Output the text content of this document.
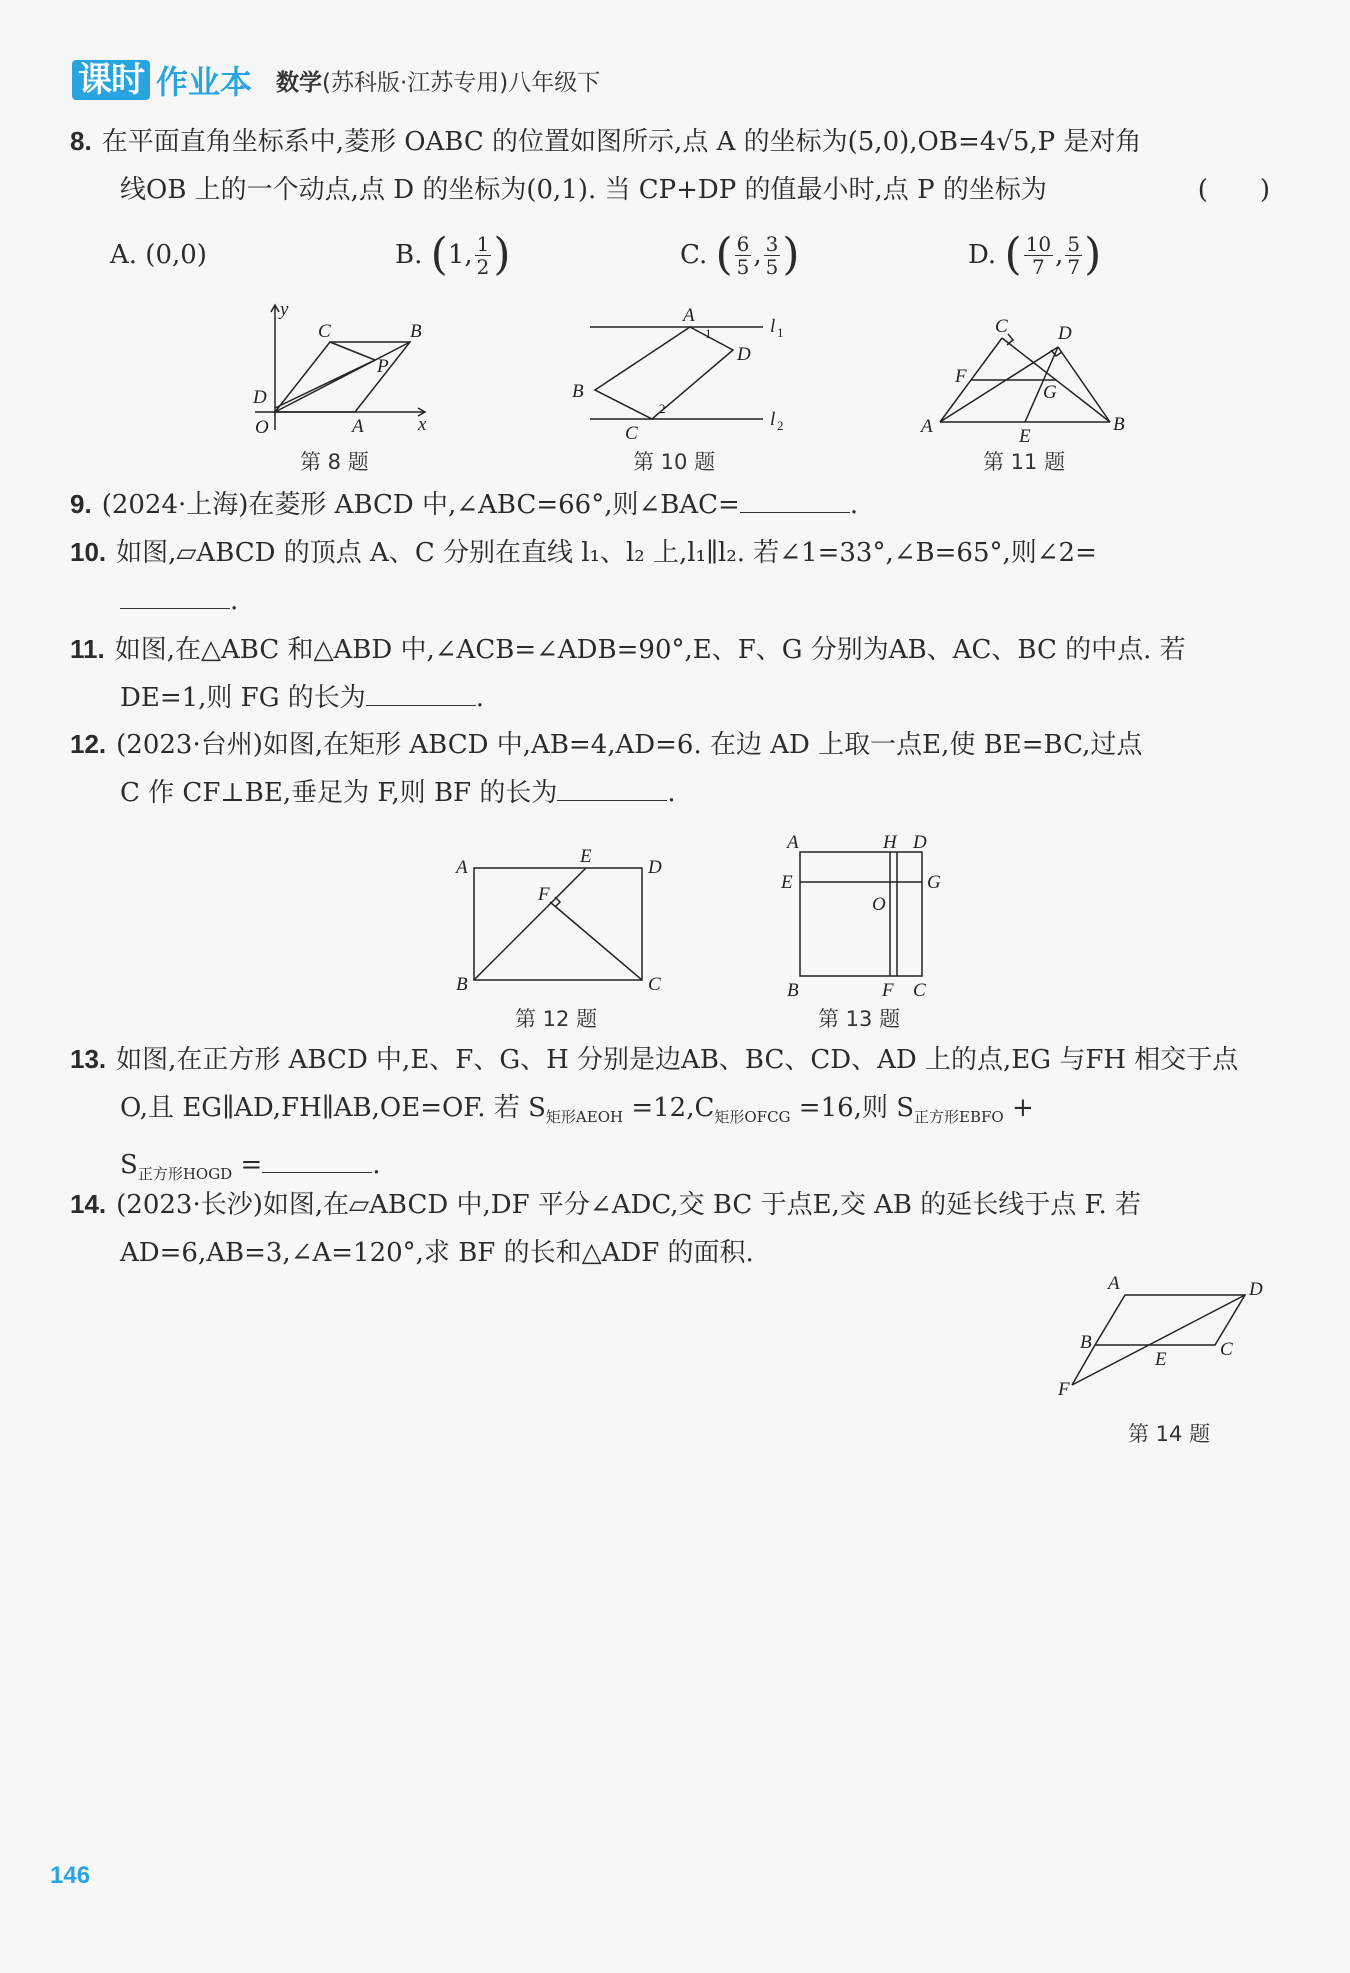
课时 作业本 数学(苏科版·江苏专用)八年级下
8. 在平面直角坐标系中,菱形 OABC 的位置如图所示,点 A 的坐标为(5,0),OB=4√5,P 是对角
线OB 上的一个动点,点 D 的坐标为(0,1). 当 CP+DP 的值最小时,点 P 的坐标为	(　　)
A. (0,0)	B.
( 1, $\frac{1}{2}$ )	C.
( $\frac{6}{5}$ , $\frac{3}{5}$ )	D.
( $\frac{10}{7}$ , $\frac{5}{7}$ )
y
C	B
P
D
O	A	x
第 8 题
A
1	l 1
D
B
2
C
l 2
第 10 题
C	D
F
G
A	E
B
第 11 题
9. (2024·上海)在菱形 ABCD 中,∠ABC=66°,则∠BAC=	.
10. 如图,▱ABCD 的顶点 A、C 分别在直线 l₁、l₂ 上,l₁∥l₂. 若∠1=33°,∠B=65°,则∠2=
.
11. 如图,在△ABC 和△ABD 中,∠ACB=∠ADB=90°,E、F、G 分别为AB、AC、BC 的中点. 若
DE=1,则 FG 的长为	.
12. (2023·台州)如图,在矩形 ABCD 中,AB=4,AD=6. 在边 AD 上取一点E,使 BE=BC,过点
C 作 CF⊥BE,垂足为 F,则 BF 的长为	.
A
E
D
F
B	C
第 12 题
A	H D
E	G
O
B	F C
第 13 题
13. 如图,在正方形 ABCD 中,E、F、G、H 分别是边AB、BC、CD、AD 上的点,EG 与FH 相交于点
O,且 EG∥AD,FH∥AB,OE=OF. 若 $S_{矩形AEOH} =12,C_{矩形OFCG} =16$,则 $S_{正方形EBFO}$ +
$S_{正方形HOGD}$ =	.
14. (2023·长沙)如图,在▱ABCD 中,DF 平分∠ADC,交 BC 于点E,交 AB 的延长线于点 F. 若
AD=6,AB=3,∠A=120°,求 BF 的长和△ADF 的面积.
A	D
B	C
E
F
第 14 题
146
